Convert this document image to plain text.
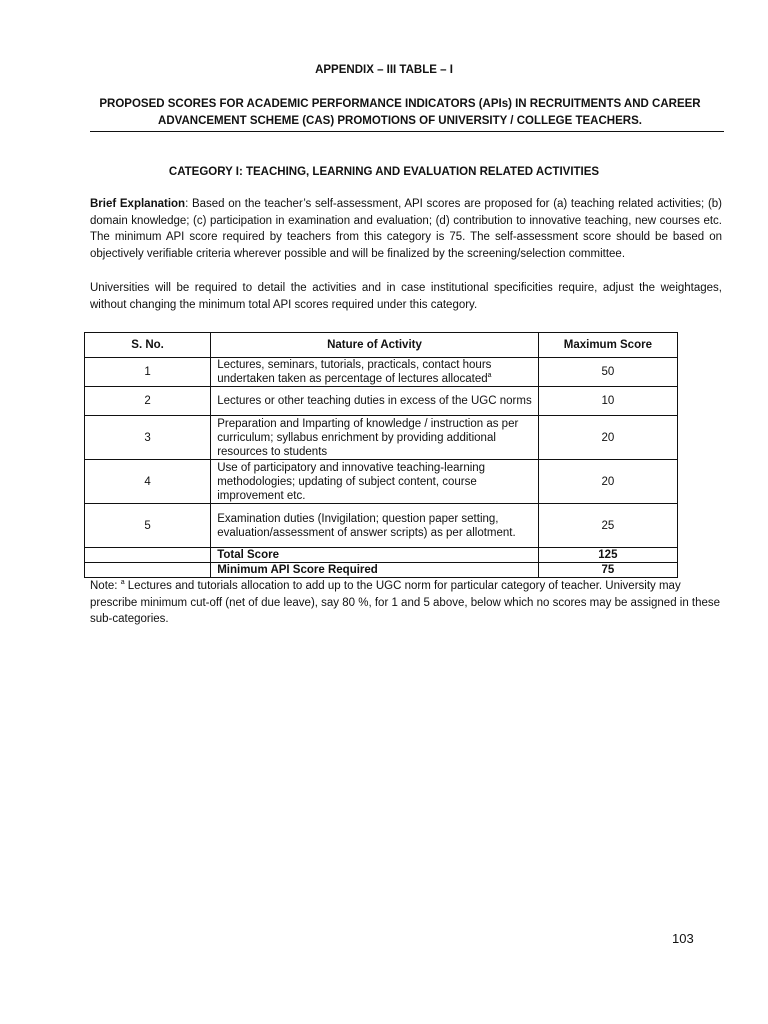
APPENDIX – III TABLE – I
PROPOSED SCORES FOR ACADEMIC PERFORMANCE INDICATORS (APIs) IN RECRUITMENTS AND CAREER ADVANCEMENT SCHEME (CAS) PROMOTIONS OF UNIVERSITY / COLLEGE TEACHERS.
CATEGORY I: TEACHING, LEARNING AND EVALUATION RELATED ACTIVITIES
Brief Explanation: Based on the teacher’s self-assessment, API scores are proposed for (a) teaching related activities; (b) domain knowledge; (c) participation in examination and evaluation; (d) contribution to innovative teaching, new courses etc. The minimum API score required by teachers from this category is 75. The self-assessment score should be based on objectively verifiable criteria wherever possible and will be finalized by the screening/selection committee.
Universities will be required to detail the activities and in case institutional specificities require, adjust the weightages, without changing the minimum total API scores required under this category.
S. No.	Nature of Activity	Maximum Score
1	Lectures, seminars, tutorials, practicals, contact hours undertaken taken as percentage of lectures allocated$^a$	50
2	Lectures or other teaching duties in excess of the UGC norms	10
3	Preparation and Imparting of knowledge / instruction as per curriculum; syllabus enrichment by providing additional resources to students	20
4	Use of participatory and innovative teaching-learning methodologies; updating of subject content, course improvement etc.	20
5	Examination duties (Invigilation; question paper setting, evaluation/assessment of answer scripts) as per allotment.	25
	Total Score	125
	Minimum API Score Required	75
Note: $^a$ Lectures and tutorials allocation to add up to the UGC norm for particular category of teacher. University may prescribe minimum cut-off (net of due leave), say 80 %, for 1 and 5 above, below which no scores may be assigned in these sub-categories.
103
